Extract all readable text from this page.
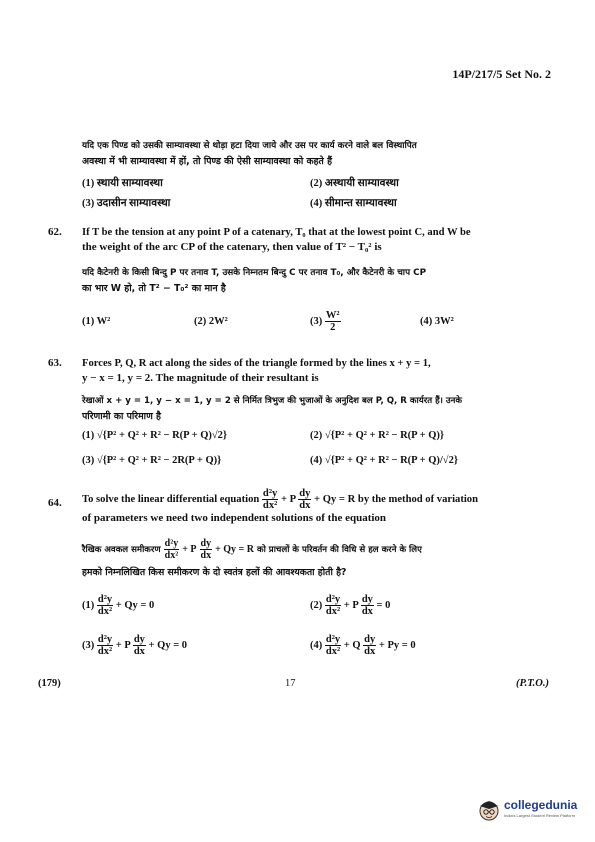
14P/217/5 Set No. 2
यदि एक पिण्ड को उसकी साम्यावस्था से थोड़ा हटा दिया जाये और उस पर कार्य करने वाले बल विस्थापित
अवस्था में भी साम्यावस्था में हों, तो पिण्ड की ऐसी साम्यावस्था को कहते हैं
(1) स्थायी साम्यावस्था	(2) अस्थायी साम्यावस्था
(3) उदासीन साम्यावस्था	(4) सीमान्त साम्यावस्था
62. If T be the tension at any point P of a catenary, T₀ that at the lowest point C, and W be
the weight of the arc CP of the catenary, then value of T² − T₀² is
यदि कैटेनरी के किसी बिन्दु P पर तनाव T, उसके निम्नतम बिन्दु C पर तनाव T₀, और कैटेनरी के चाप CP
का भार W हो, तो T² − T₀² का मान है
(1) W²	(2) 2W²	$(3) \frac{\text{W²}}{2}$	(4) 3W²
63. Forces P, Q, R act along the sides of the triangle formed by the lines x + y = 1,
y − x = 1, y = 2. The magnitude of their resultant is
रेखाओं x + y = 1, y − x = 1, y = 2 से निर्मित त्रिभुज की भुजाओं के अनुदिश बल P, Q, R कार्यरत हैं। उनके
परिणामी का परिमाण है
(1) √{P² + Q² + R² − R(P + Q)√2}	(2) √{P² + Q² + R² − R(P + Q)}
(3) √{P² + Q² + R² − 2R(P + Q)}	(4) √{P² + Q² + R² − R(P + Q)/√2}
64. To solve the linear differential equation $\frac{\text{d²y}}{\text{dx²}} + P \frac{dy}{dx} + Qy = R$ by the method of variation
of parameters we need two independent solutions of the equation
रैखिक अवकल समीकरण $\frac{\text{d²y}}{\text{dx²}} + P \frac{dy}{dx} + Qy = R$ को प्राचलों के परिवर्तन की विधि से हल करने के लिए
हमको निम्नलिखित किस समीकरण के दो स्वतंत्र हलों की आवश्यकता होती है?
$(1) \frac{\text{d²y}}{\text{dx²}} + Qy = 0$	$(2) \frac{\text{d²y}}{\text{dx²}} + P \frac{dy}{dx} = 0$
$(3) \frac{\text{d²y}}{\text{dx²}} + P \frac{dy}{dx} + Qy = 0$	$(4) \frac{\text{d²y}}{\text{dx²}} + Q \frac{dy}{dx} + Py = 0$
(179)	17	(P.T.O.)
collegedunia
India's Largest Student Review Platform
